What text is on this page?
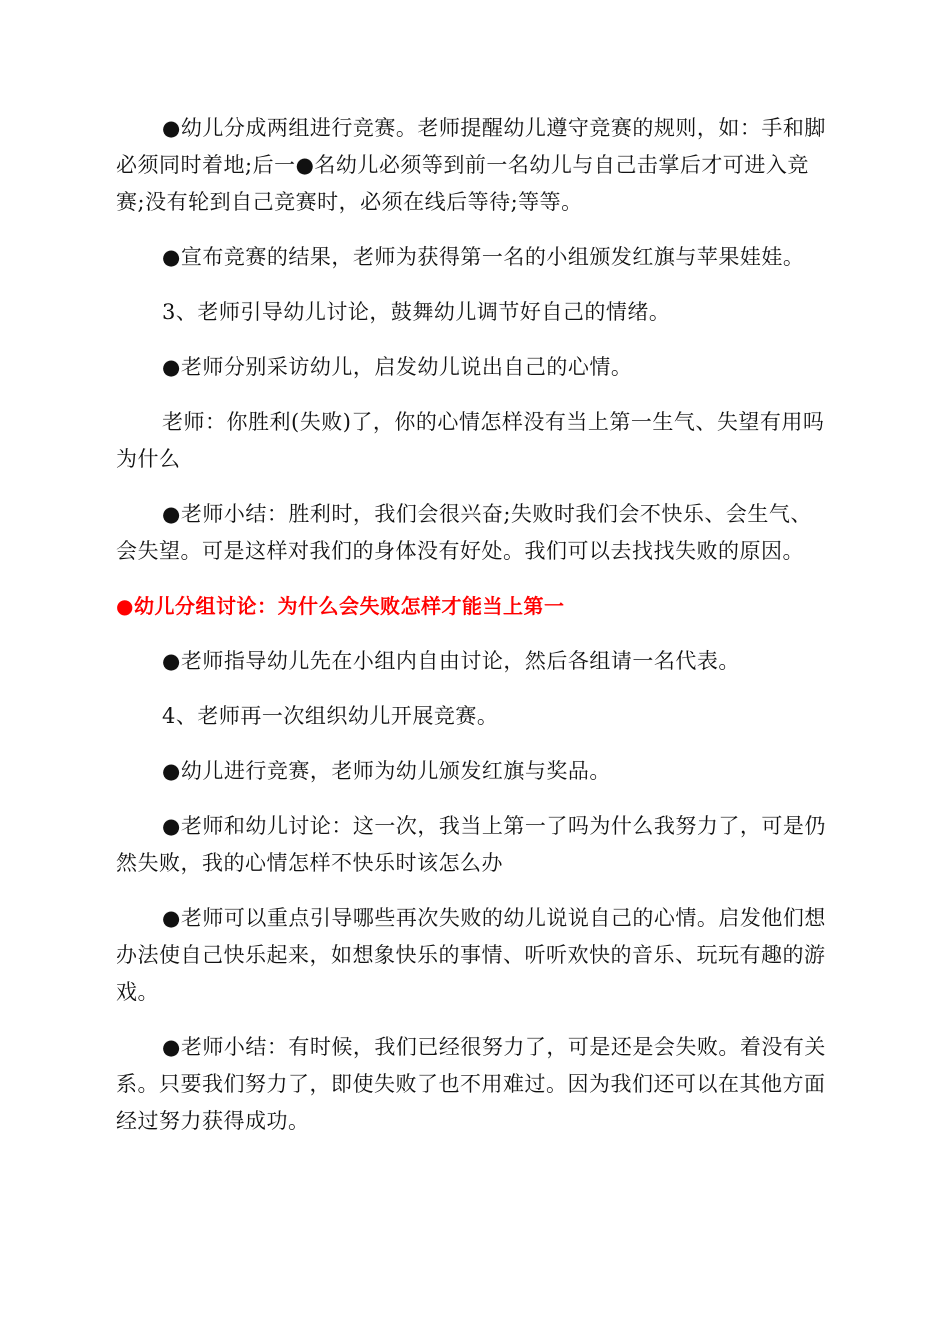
●幼儿分成两组进行竞赛。老师提醒幼儿遵守竞赛的规则，如：手和脚必须同时着地;后一●名幼儿必须等到前一名幼儿与自己击掌后才可进入竞赛;没有轮到自己竞赛时，必须在线后等待;等等。

●宣布竞赛的结果，老师为获得第一名的小组颁发红旗与苹果娃娃。

3、老师引导幼儿讨论，鼓舞幼儿调节好自己的情绪。

●老师分别采访幼儿，启发幼儿说出自己的心情。

老师：你胜利(失败)了，你的心情怎样没有当上第一生气、失望有用吗为什么

●老师小结：胜利时，我们会很兴奋;失败时我们会不快乐、会生气、会失望。可是这样对我们的身体没有好处。我们可以去找找失败的原因。

●幼儿分组讨论：为什么会失败怎样才能当上第一

●老师指导幼儿先在小组内自由讨论，然后各组请一名代表。

4、老师再一次组织幼儿开展竞赛。

●幼儿进行竞赛，老师为幼儿颁发红旗与奖品。

●老师和幼儿讨论：这一次，我当上第一了吗为什么我努力了，可是仍然失败，我的心情怎样不快乐时该怎么办

●老师可以重点引导哪些再次失败的幼儿说说自己的心情。启发他们想办法使自己快乐起来，如想象快乐的事情、听听欢快的音乐、玩玩有趣的游戏。

●老师小结：有时候，我们已经很努力了，可是还是会失败。着没有关系。只要我们努力了，即使失败了也不用难过。因为我们还可以在其他方面经过努力获得成功。
